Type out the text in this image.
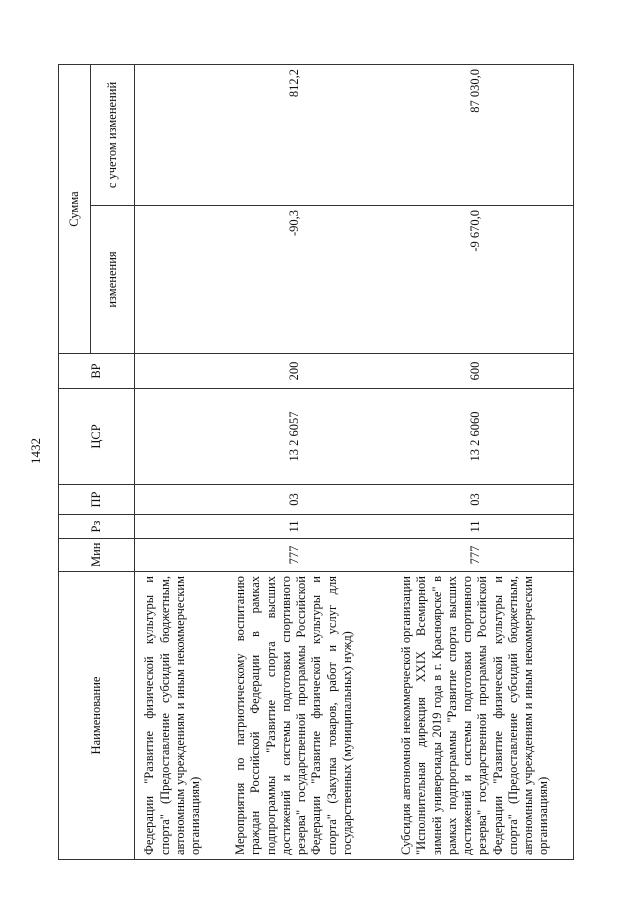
1432
Наименование	Мин	Рз	ПР	ЦСР	ВР	Сумма	
						изменения	с учетом изменений
Федерации "Развитие физической культуры и спорта" (Предоставление субсидий бюджетным, автономным учреждениям и иным некоммерческим организациям)							
Мероприятия по патриотическому воспитанию граждан Российской Федерации в рамках подпрограммы "Развитие спорта высших достижений и системы подготовки спортивного резерва" государственной программы Российской Федерации "Развитие физической культуры и спорта" (Закупка товаров, работ и услуг для государственных (муниципальных) нужд)	777	11	03	13 2 6057	200	-90,3	812,2
Субсидия автономной некоммерческой организации "Исполнительная дирекция XXIX Всемирной зимней универсиады 2019 года в г. Красноярске" в рамках подпрограммы "Развитие спорта высших достижений и системы подготовки спортивного резерва" государственной программы Российской Федерации "Развитие физической культуры и спорта" (Предоставление субсидий бюджетным, автономным учреждениям и иным некоммерческим организациям)	777	11	03	13 2 6060	600	-9 670,0	87 030,0
